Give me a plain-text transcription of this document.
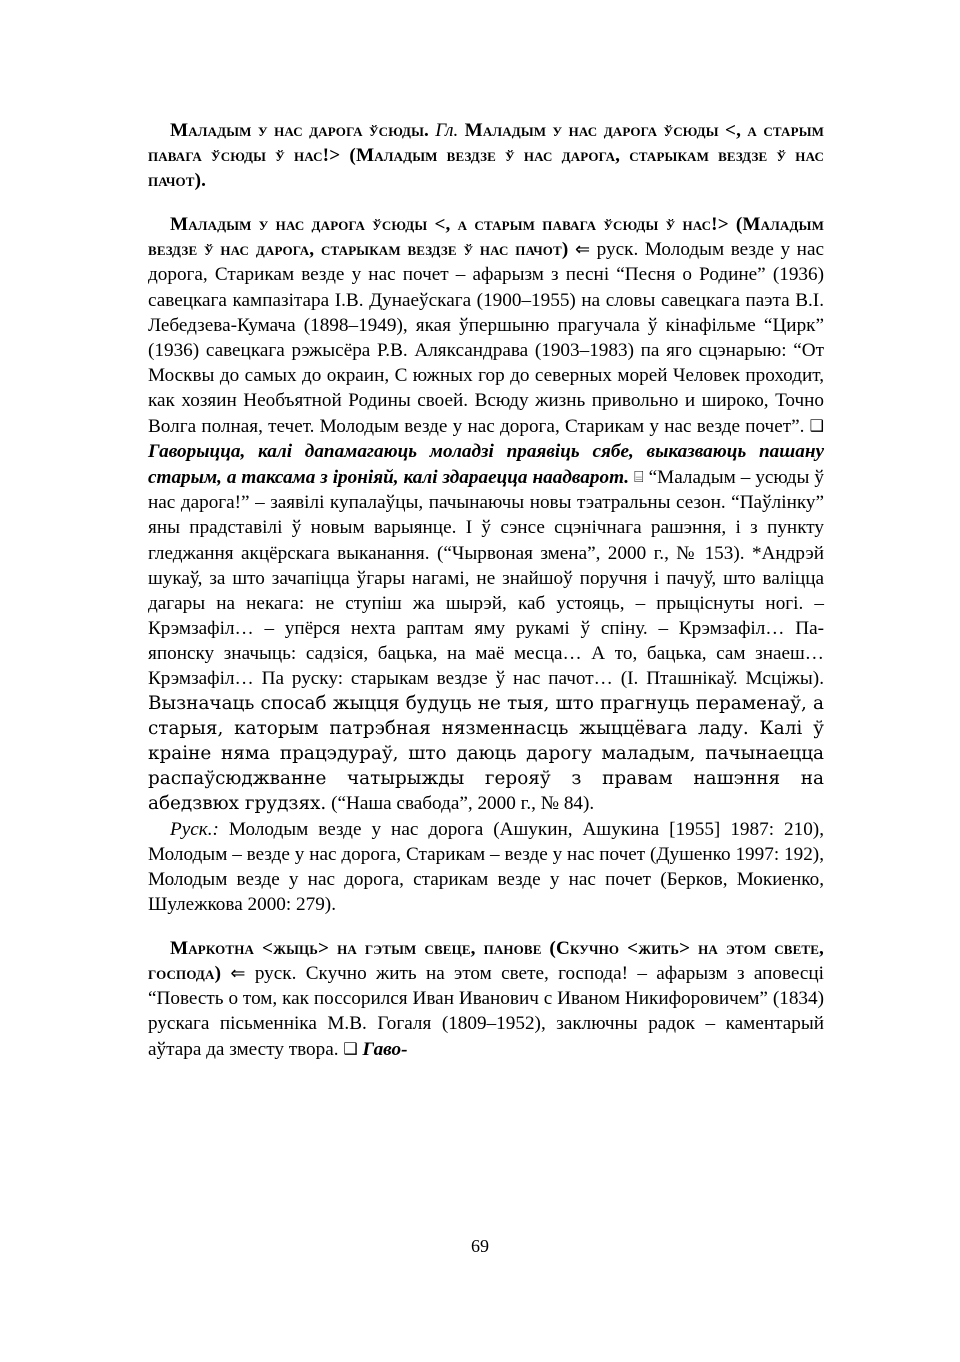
Маладым у нас дарога ўсюды. Гл. Маладым у нас дарога ўсюды <, а старым павага ўсюды ў нас!> (Маладым вездзе ў нас дарога, старыкам вездзе ў нас пачот).

Маладым у нас дарога ўсюды <, а старым павага ўсюды ў нас!> (Маладым вездзе ў нас дарога, старыкам вездзе ў нас пачот) ⇐ руск. Молодым везде у нас дорога, Старикам везде у нас почет – афарызм з песні “Песня о Родине” (1936) савецкага кампазітара І.В. Дунаеўскага (1900–1955) на словы савецкага паэта В.І. Лебедзева-Кумача (1898–1949), якая ўпершыню прагучала ў кінафільме “Цирк” (1936) савецкага рэжысёра Р.В. Аляксандрава (1903–1983) па яго сцэнарыю: “От Москвы до самых до окраин, С южных гор до северных морей Человек проходит, как хозяин Необъятной Родины своей. Всюду жизнь привольно и широко, Точно Волга полная, течет. Молодым везде у нас дорога, Старикам у нас везде почет”. ❑ Гаворыцца, калі дапамагаюць моладзі праявіць сябе, выказваюць пашану старым, а таксама з іроніяй, калі здараецца наадварот. ⌸ “Маладым – усюды ў нас дарога!” – заявілі купалаўцы, пачынаючы новы тэатральны сезон. “Паўлінку” яны прадставілі ў новым варыянце. І ў сэнсе сцэнічнага рашэння, і з пункту гледжання акцёрскага выканання. (“Чырвоная змена”, 2000 г., № 153). *Андрэй шукаў, за што зачапіцца ўгары нагамі, не знайшоў поручня і пачуў, што валіцца дагары на некага: не ступіш жа шырэй, каб устояць, – прыціснуты ногі. – Крэмзафіл… – упёрся нехта раптам яму рукамі ў спіну. – Крэмзафіл… Па-японску значыць: садзіся, бацька, на маё месца… А то, бацька, сам знаеш… Крэмзафіл… Па руску: старыкам вездзе ў нас пачот… (І. Пташнікаў. Мсціжы). Вызначаць спосаб жыцця будуць не тыя, што прагнуць пераменаў, а старыя, каторым патрэбная нязменнасць жыццёвага ладу. Калі ў краіне няма працэдураў, што даюць дарогу маладым, пачынаецца распаўсюджванне чатырыжды герояў з правам нашэння на абедзвюх грудзях. (“Наша свабода”, 2000 г., № 84).

Руск.: Молодым везде у нас дорога (Ашукин, Ашукина [1955] 1987: 210), Молодым – везде у нас дорога, Старикам – везде у нас почет (Душенко 1997: 192), Молодым везде у нас дорога, старикам везде у нас почет (Берков, Мокиенко, Шулежкова 2000: 279).

Маркотна <жыць> на гэтым свеце, панове (Скучно <жить> на этом свете, господа) ⇐ руск. Скучно жить на этом свете, господа! – афарызм з аповесці “Повесть о том, как поссорился Иван Иванович с Иваном Никифоровичем” (1834) рускага пісьменніка М.В. Гогаля (1809–1952), заключны радок – каментарый аўтара да зместу твора. ❑ Гаво-

69
